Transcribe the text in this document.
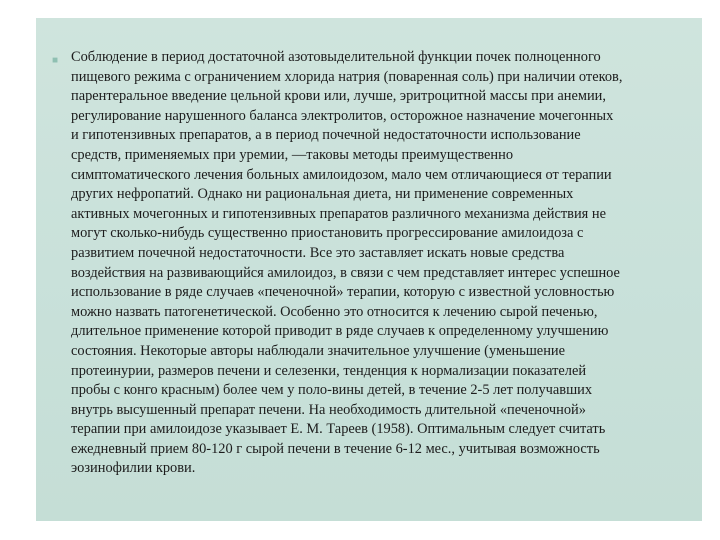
■ Соблюдение в период достаточной азотовыделительной функции почек полноценного
пищевого режима с ограничением хлорида натрия (поваренная соль) при наличии отеков,
парентеральное введение цельной крови или, лучше, эритроцитной массы при анемии,
регулирование нарушенного баланса электролитов, осторожное назначение мочегонных
и гипотензивных препаратов, а в период почечной недостаточности использование
средств, применяемых при уремии, —таковы методы преимущественно
симптоматического лечения больных амилоидозом, мало чем отличающиеся от терапии
других нефропатий. Однако ни рациональная диета, ни применение современных
активных мочегонных и гипотензивных препаратов различного механизма действия не
могут сколько-нибудь существенно приостановить прогрессирование амилоидоза с
развитием почечной недостаточности. Все это заставляет искать новые средства
воздействия на развивающийся амилоидоз, в связи с чем представляет интерес успешное
использование в ряде случаев «печеночной» терапии, которую с известной условностью
можно назвать патогенетической. Особенно это относится к лечению сырой печенью,
длительное применение которой приводит в ряде случаев к определенному улучшению
состояния. Некоторые авторы наблюдали значительное улучшение (уменьшение
протеинурии, размеров печени и селезенки, тенденция к нормализации показателей
пробы с конго красным) более чем у поло-вины детей, в течение 2-5 лет получавших
внутрь высушенный препарат печени. На необходимость длительной «печеночной»
терапии при амилоидозе указывает Е. М. Тареев (1958). Оптимальным следует считать
ежедневный прием 80-120 г сырой печени в течение 6-12 мес., учитывая возможность
эозинофилии крови.
